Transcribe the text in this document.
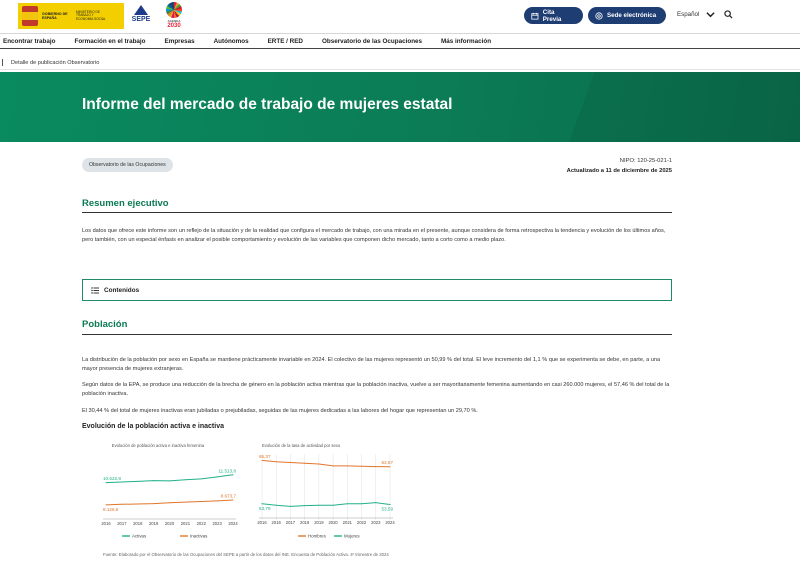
GOBIERNO DE ESPAÑA
MINISTERIO DE TRABAJO Y ECONOMÍA SOCIAL	SEPE	AGENDA
2030
Cita Previa	Sede electrónica	Español
Encontrar trabajo	Formación en el trabajo	Empresas	Autónomos	ERTE / RED	Observatorio de las Ocupaciones	Más información
Detalle de publicación Observatorio
Informe del mercado de trabajo de mujeres estatal
Observatorio de las Ocupaciones
NIPO: 120-25-021-1
Actualizado a 11 de diciembre de 2025
Resumen ejecutivo

Los datos que ofrece este informe son un reflejo de la situación y de la realidad que configura el mercado de trabajo, con una mirada en el presente, aunque considera de forma retrospectiva la tendencia y evolución de los últimos años, pero también, con un especial énfasis en analizar el posible comportamiento y evolución de las variables que componen dicho mercado, tanto a corto como a medio plazo.

Contenidos
Población

La distribución de la población por sexo en España se mantiene prácticamente invariable en 2024. El colectivo de las mujeres representó un 50,99 % del total. El leve incremento del 1,1 % que se experimenta se debe, en parte, a una mayor presencia de mujeres extranjeras.

Según datos de la EPA, se produce una reducción de la brecha de género en la población activa mientras que la población inactiva, vuelve a ser mayoritariamente femenina aumentando en casi 260.000 mujeres, el 57,46 % del total de la población inactiva.

El 30,44 % del total de mujeres inactivas eran jubiladas o prejubiladas, seguidas de las mujeres dedicadas a las labores del hogar que representan un 29,70 %.

Evolución de la población activa e inactiva
Evolución de población activa e inactiva femenina
2016 2017 2018 2019 2020 2021 2022 2023 2024
10.622,8
11.513,8
8.126,6
8.673,7
Activas	Inactivas
Evolución de la tasa de actividad por sexo
2016 2016 2017 2018 2019 2020 2021 2022 2023 2024
65,37
63,67
53,79	53,59
Hombres	Mujeres
Fuente: Elaborado por el Observatorio de las Ocupaciones del SEPE a partir de los datos del INE. Encuesta de Población Activa. 4º trimestre de 2024
